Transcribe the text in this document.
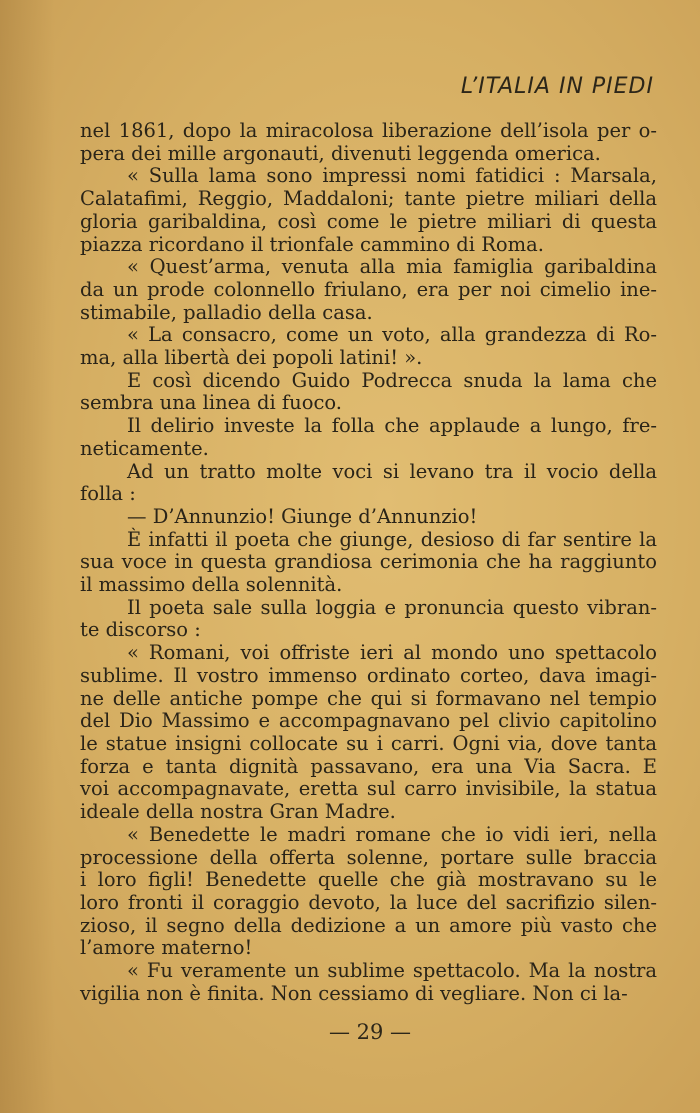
L’ITALIA IN PIEDI
nel 1861, dopo la miracolosa liberazione dell’isola per o-
pera dei mille argonauti, divenuti leggenda omerica.
« Sulla lama sono impressi nomi fatidici : Marsala,
Calatafimi, Reggio, Maddaloni; tante pietre miliari della
gloria garibaldina, così come le pietre miliari di questa
piazza ricordano il trionfale cammino di Roma.
« Quest’arma, venuta alla mia famiglia garibaldina
da un prode colonnello friulano, era per noi cimelio ine-
stimabile, palladio della casa.
« La consacro, come un voto, alla grandezza di Ro-
ma, alla libertà dei popoli latini! ».
E così dicendo Guido Podrecca snuda la lama che
sembra una linea di fuoco.
Il delirio investe la folla che applaude a lungo, fre-
neticamente.
Ad un tratto molte voci si levano tra il vocio della
folla :
— D’Annunzio! Giunge d’Annunzio!
È infatti il poeta che giunge, desioso di far sentire la
sua voce in questa grandiosa cerimonia che ha raggiunto
il massimo della solennità.
Il poeta sale sulla loggia e pronuncia questo vibran-
te discorso :
« Romani, voi offriste ieri al mondo uno spettacolo
sublime. Il vostro immenso ordinato corteo, dava imagi-
ne delle antiche pompe che qui si formavano nel tempio
del Dio Massimo e accompagnavano pel clivio capitolino
le statue insigni collocate su i carri. Ogni via, dove tanta
forza e tanta dignità passavano, era una Via Sacra. E
voi accompagnavate, eretta sul carro invisibile, la statua
ideale della nostra Gran Madre.
« Benedette le madri romane che io vidi ieri, nella
processione della offerta solenne, portare sulle braccia
i loro figli! Benedette quelle che già mostravano su le
loro fronti il coraggio devoto, la luce del sacrifizio silen-
zioso, il segno della dedizione a un amore più vasto che
l’amore materno!
« Fu veramente un sublime spettacolo. Ma la nostra
vigilia non è finita. Non cessiamo di vegliare. Non ci la-
— 29 —
